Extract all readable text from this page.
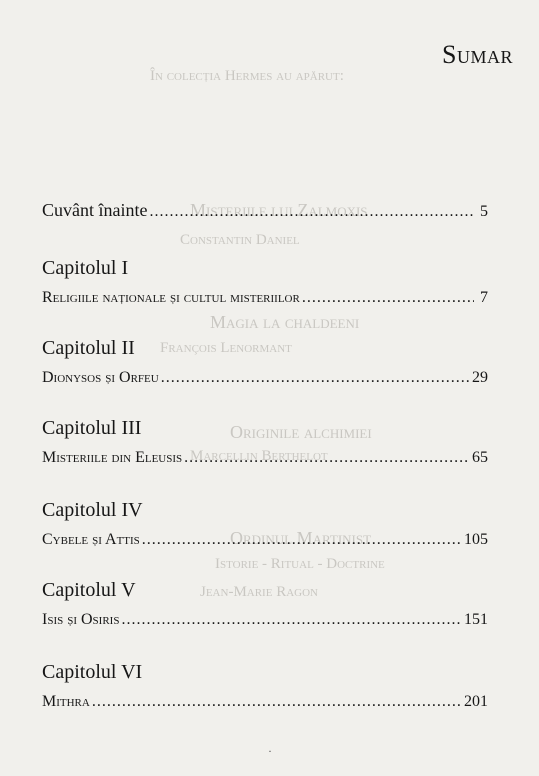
În colecția Hermes au apărut:
Misteriile lui Zalmoxis
Constantin Daniel
Magia la chaldeeni
François Lenormant
Originile alchimiei
Marcellin Berthelot
Ordinul Martinist
Istorie - Ritual - Doctrine
Jean-Marie Ragon
Sumar
Cuvânt înainte .....	5
Capitolul I
Religiile naționale și cultul misteriilor .....	7
Capitolul II
Dionysos și Orfeu .....	29
Capitolul III
Misteriile din Eleusis .....	65
Capitolul IV
Cybele și Attis .....	105
Capitolul V
Isis și Osiris .....	151
Capitolul VI
Mithra .....	201
·
